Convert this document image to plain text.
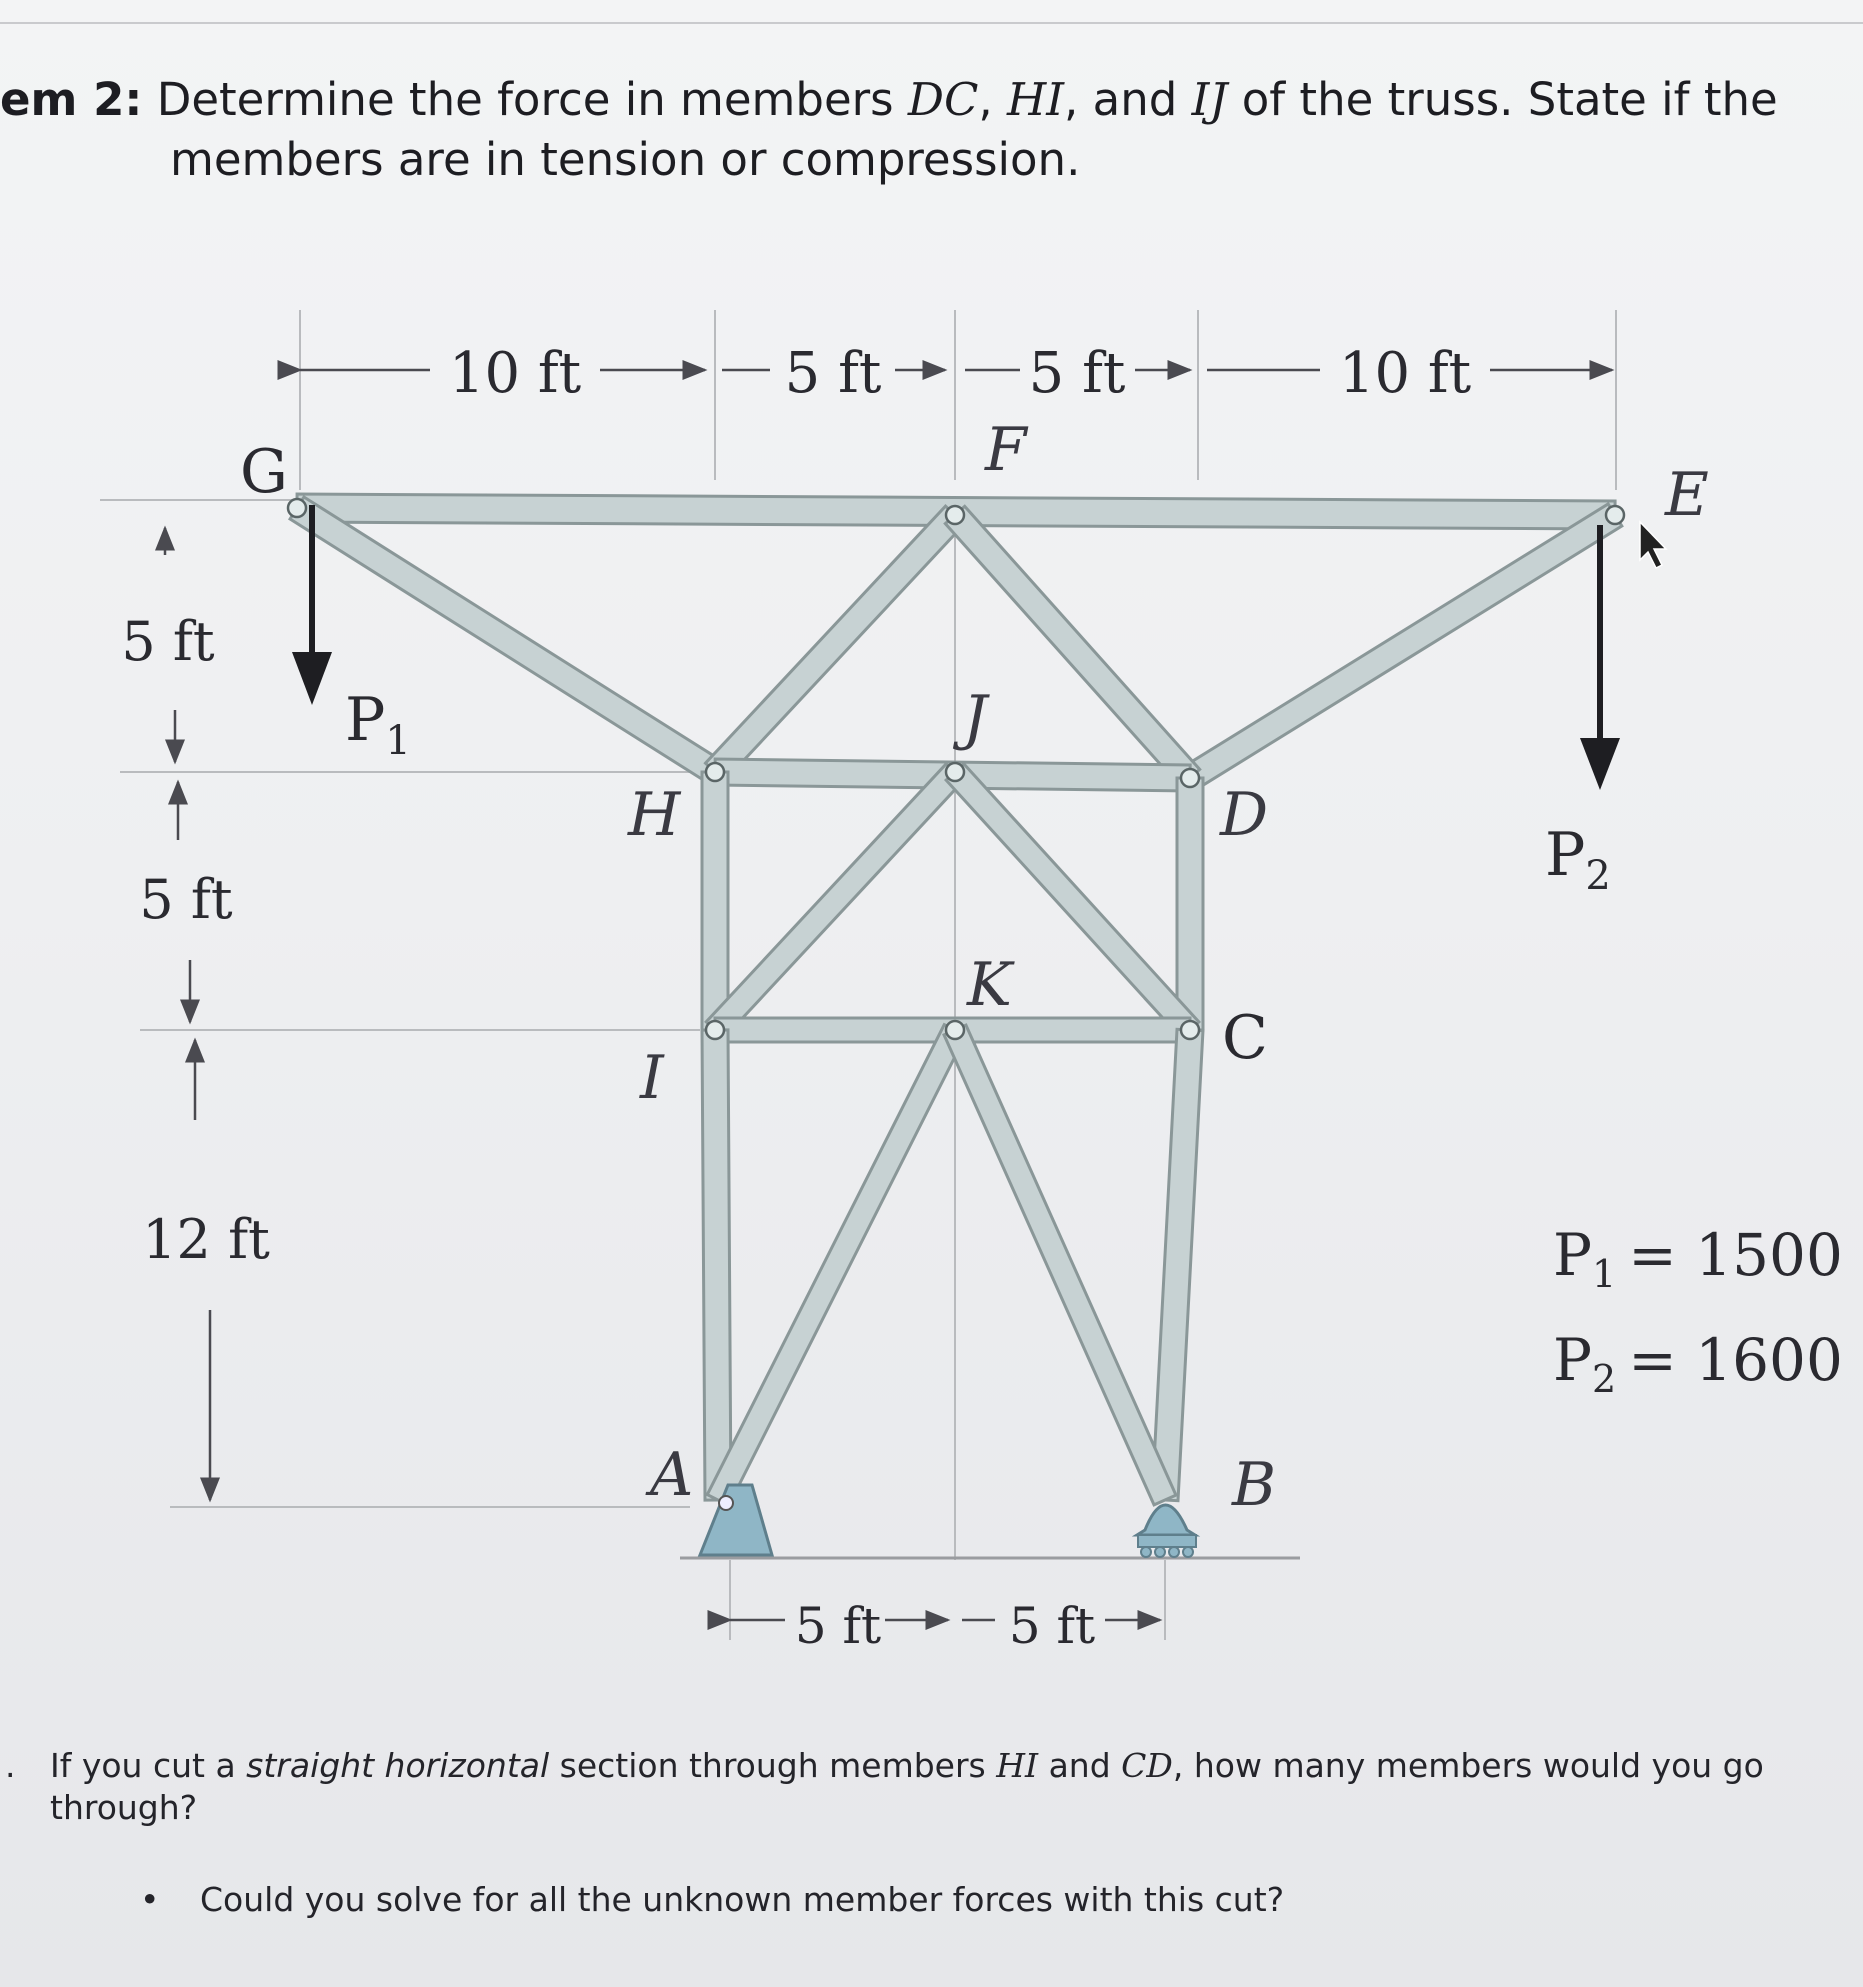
em 2: Determine the force in members DC, HI, and IJ of the truss. State if the
members are in tension or compression.
10 ft	5 ft	5 ft	10 ft
5 ft
5 ft
12 ft
5 ft	5 ft
G	F
E
H
J
D
K
I
C
A	B
$P_1$
$P_2$
$P_1 = 1500$
$P_2 = 1600$
. If you cut a straight horizontal section through members HI and CD, how many members would you go through?
• Could you solve for all the unknown member forces with this cut?
